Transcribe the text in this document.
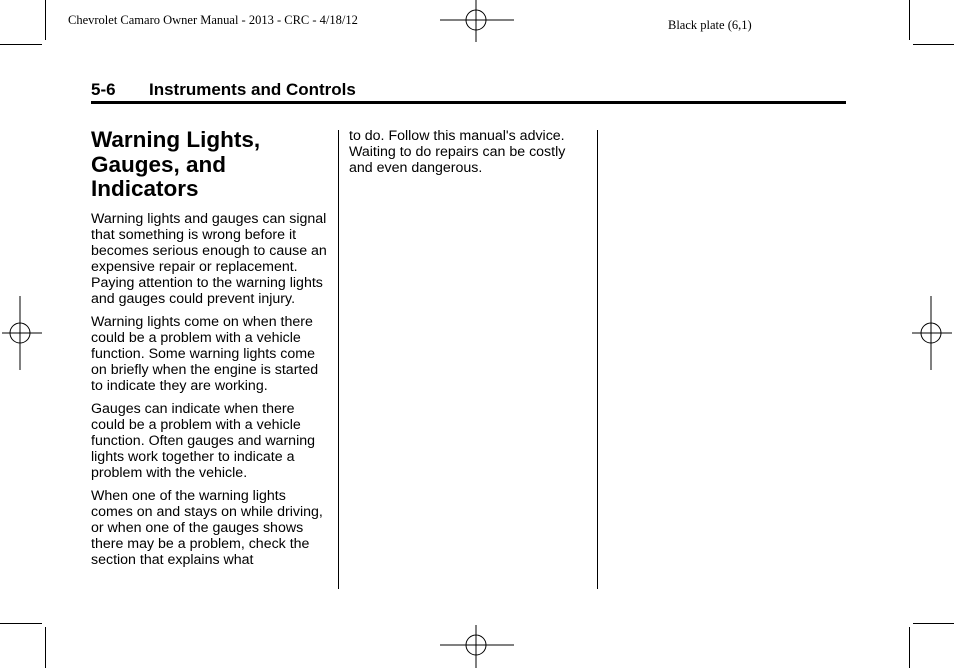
Chevrolet Camaro Owner Manual - 2013 - CRC - 4/18/12	Black plate (6,1)
5-6 Instruments and Controls
Warning Lights, Gauges, and Indicators

Warning lights and gauges can signal that something is wrong before it becomes serious enough to cause an expensive repair or replacement. Paying attention to the warning lights and gauges could prevent injury.

Warning lights come on when there could be a problem with a vehicle function. Some warning lights come on briefly when the engine is started to indicate they are working.

Gauges can indicate when there could be a problem with a vehicle function. Often gauges and warning lights work together to indicate a problem with the vehicle.

When one of the warning lights comes on and stays on while driving, or when one of the gauges shows there may be a problem, check the section that explains what

to do. Follow this manual's advice. Waiting to do repairs can be costly and even dangerous.
